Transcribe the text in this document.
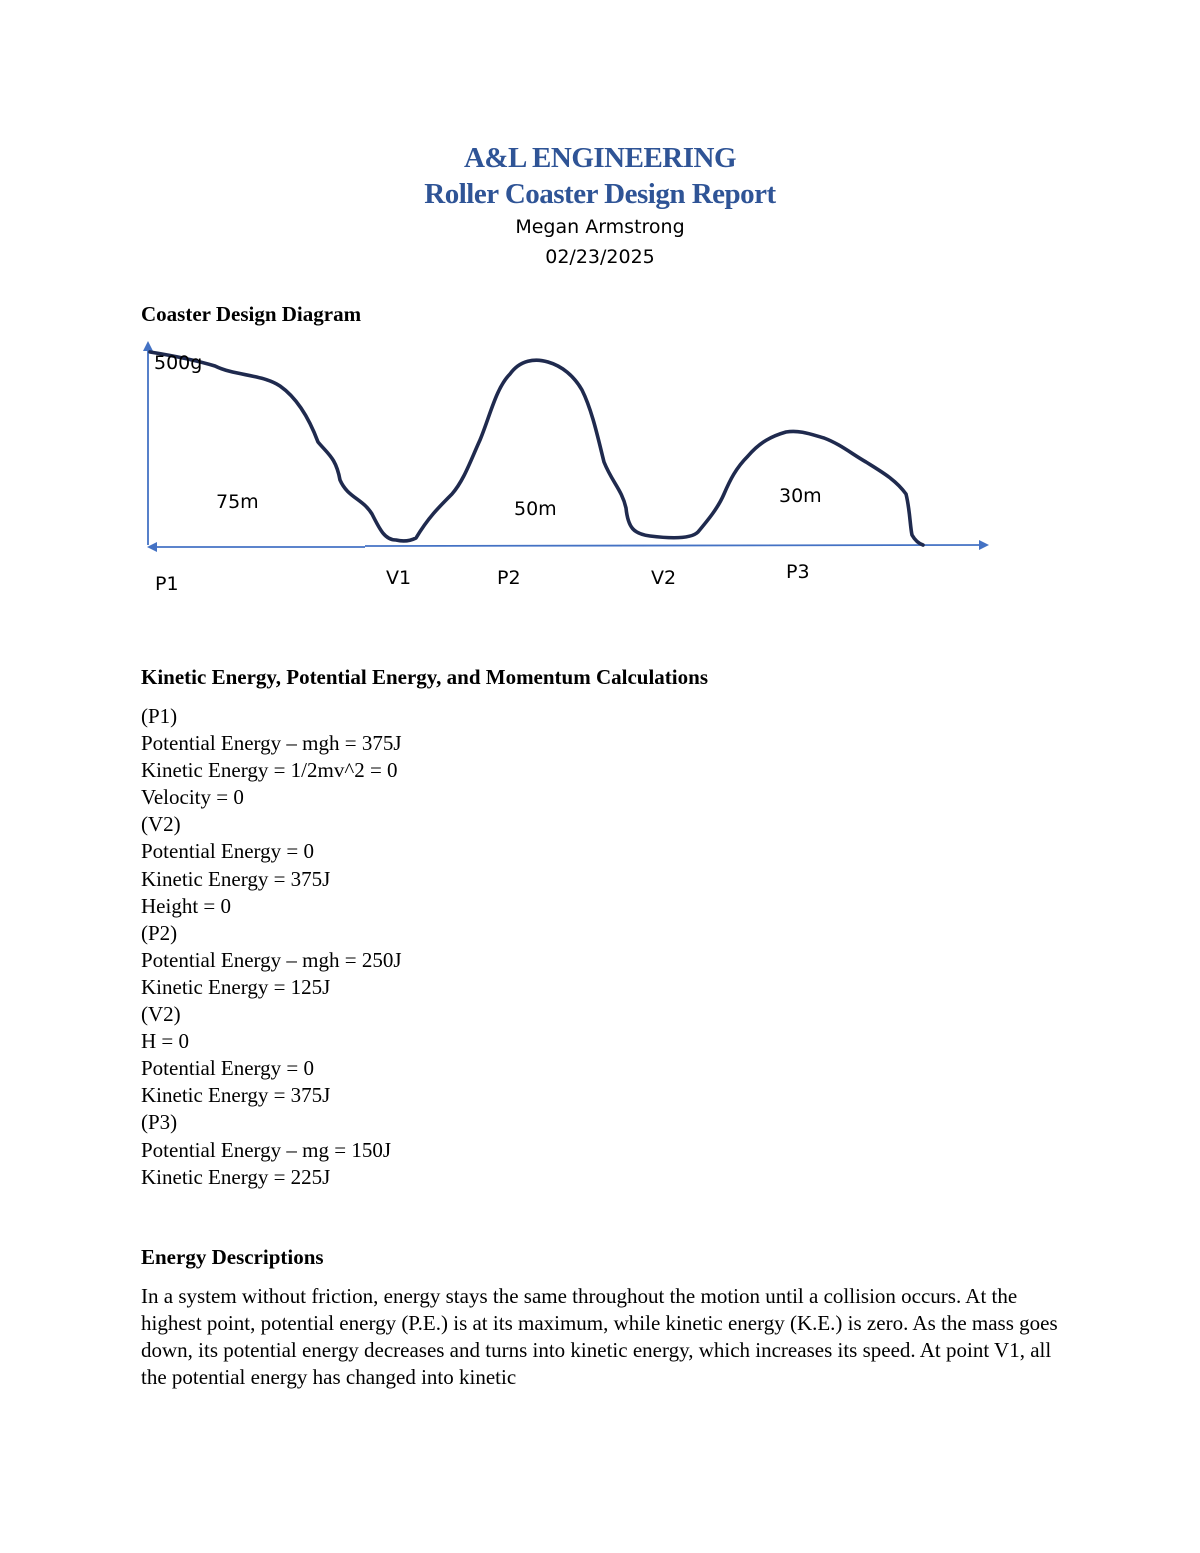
A&L ENGINEERING
Roller Coaster Design Report
Megan Armstrong
02/23/2025
Coaster Design Diagram
500g
75m	50m
30m
P1	V1	P2	V2	P3
Kinetic Energy, Potential Energy, and Momentum Calculations
(P1)
Potential Energy – mgh = 375J
Kinetic Energy = 1/2mv^2 = 0
Velocity = 0
(V2)
Potential Energy = 0
Kinetic Energy = 375J
Height = 0
(P2)
Potential Energy – mgh = 250J
Kinetic Energy = 125J
(V2)
H = 0
Potential Energy = 0
Kinetic Energy = 375J
(P3)
Potential Energy – mg = 150J
Kinetic Energy = 225J
Energy Descriptions

In a system without friction, energy stays the same throughout the motion until a collision occurs. At the highest point, potential energy (P.E.) is at its maximum, while kinetic energy (K.E.) is zero. As the mass goes down, its potential energy decreases and turns into kinetic energy, which increases its speed. At point V1, all the potential energy has changed into kinetic
